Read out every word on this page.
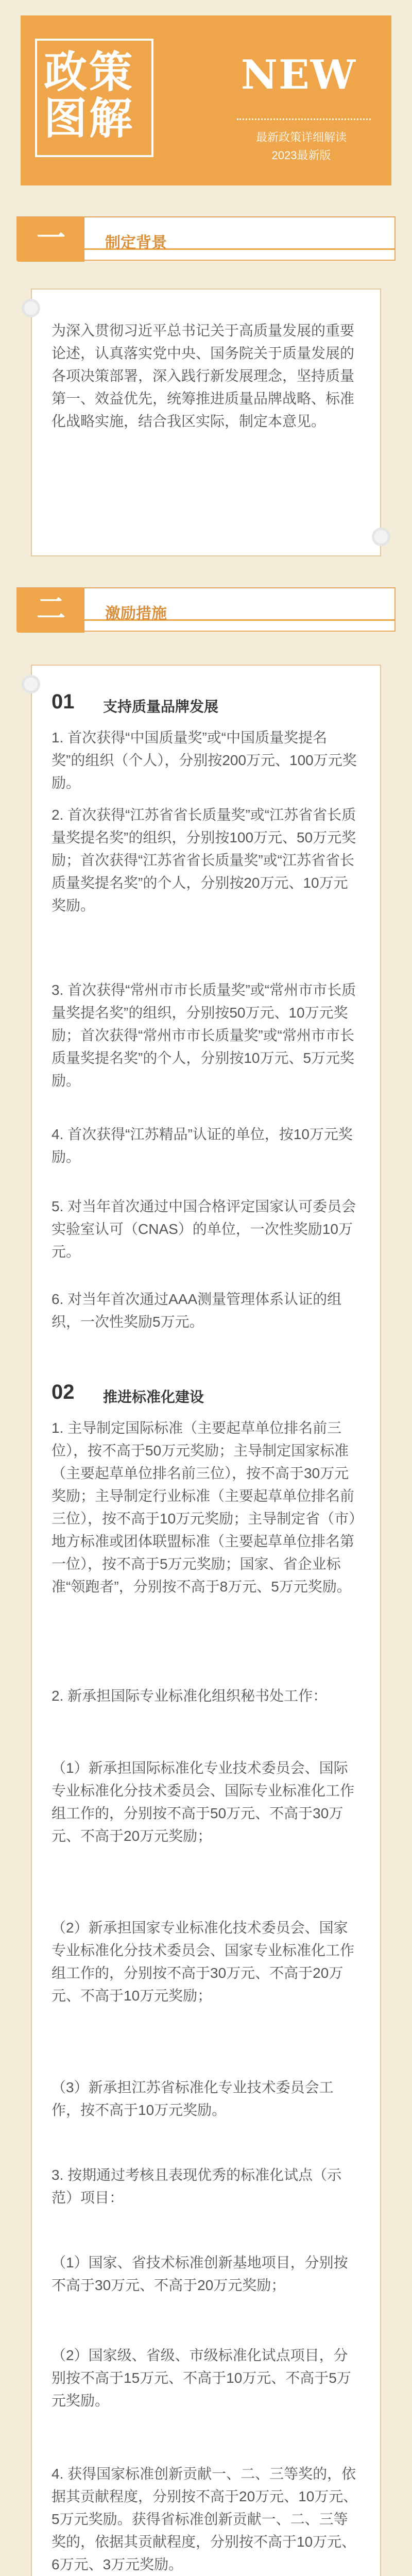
政策图解
NEW
最新政策详细解读
2023最新版
一	制定背景

为深入贯彻习近平总书记关于高质量发展的重要论述，认真落实党中央、国务院关于质量发展的各项决策部署，深入践行新发展理念，坚持质量第一、效益优先，统筹推进质量品牌战略、标准化战略实施，结合我区实际，制定本意见。

二	激励措施
01 支持质量品牌发展

1. 首次获得“中国质量奖”或“中国质量奖提名奖”的组织（个人），分别按200万元、100万元奖励。

2. 首次获得“江苏省省长质量奖”或“江苏省省长质量奖提名奖”的组织，分别按100万元、50万元奖励；首次获得“江苏省省长质量奖”或“江苏省省长质量奖提名奖”的个人，分别按20万元、10万元奖励。

3. 首次获得“常州市市长质量奖”或“常州市市长质量奖提名奖”的组织，分别按50万元、10万元奖励；首次获得“常州市市长质量奖”或“常州市市长质量奖提名奖”的个人，分别按10万元、5万元奖励。

4. 首次获得“江苏精品”认证的单位，按10万元奖励。

5. 对当年首次通过中国合格评定国家认可委员会实验室认可（CNAS）的单位，一次性奖励10万元。

6. 对当年首次通过AAA测量管理体系认证的组织，一次性奖励5万元。

02 推进标准化建设

1. 主导制定国际标准（主要起草单位排名前三位），按不高于50万元奖励；主导制定国家标准（主要起草单位排名前三位），按不高于30万元奖励；主导制定行业标准（主要起草单位排名前三位），按不高于10万元奖励；主导制定省（市）地方标准或团体联盟标准（主要起草单位排名第一位），按不高于5万元奖励；国家、省企业标准“领跑者”，分别按不高于8万元、5万元奖励。

2. 新承担国际专业标准化组织秘书处工作：

（1）新承担国际标准化专业技术委员会、国际专业标准化分技术委员会、国际专业标准化工作组工作的，分别按不高于50万元、不高于30万元、不高于20万元奖励；

（2）新承担国家专业标准化技术委员会、国家专业标准化分技术委员会、国家专业标准化工作组工作的，分别按不高于30万元、不高于20万元、不高于10万元奖励；

（3）新承担江苏省标准化专业技术委员会工作，按不高于10万元奖励。

3. 按期通过考核且表现优秀的标准化试点（示范）项目：

（1）国家、省技术标准创新基地项目，分别按不高于30万元、不高于20万元奖励；

（2）国家级、省级、市级标准化试点项目，分别按不高于15万元、不高于10万元、不高于5万元奖励。

4. 获得国家标准创新贡献一、二、三等奖的，依据其贡献程度，分别按不高于20万元、10万元、5万元奖励。获得省标准创新贡献一、二、三等奖的，依据其贡献程度，分别按不高于10万元、6万元、3万元奖励。
